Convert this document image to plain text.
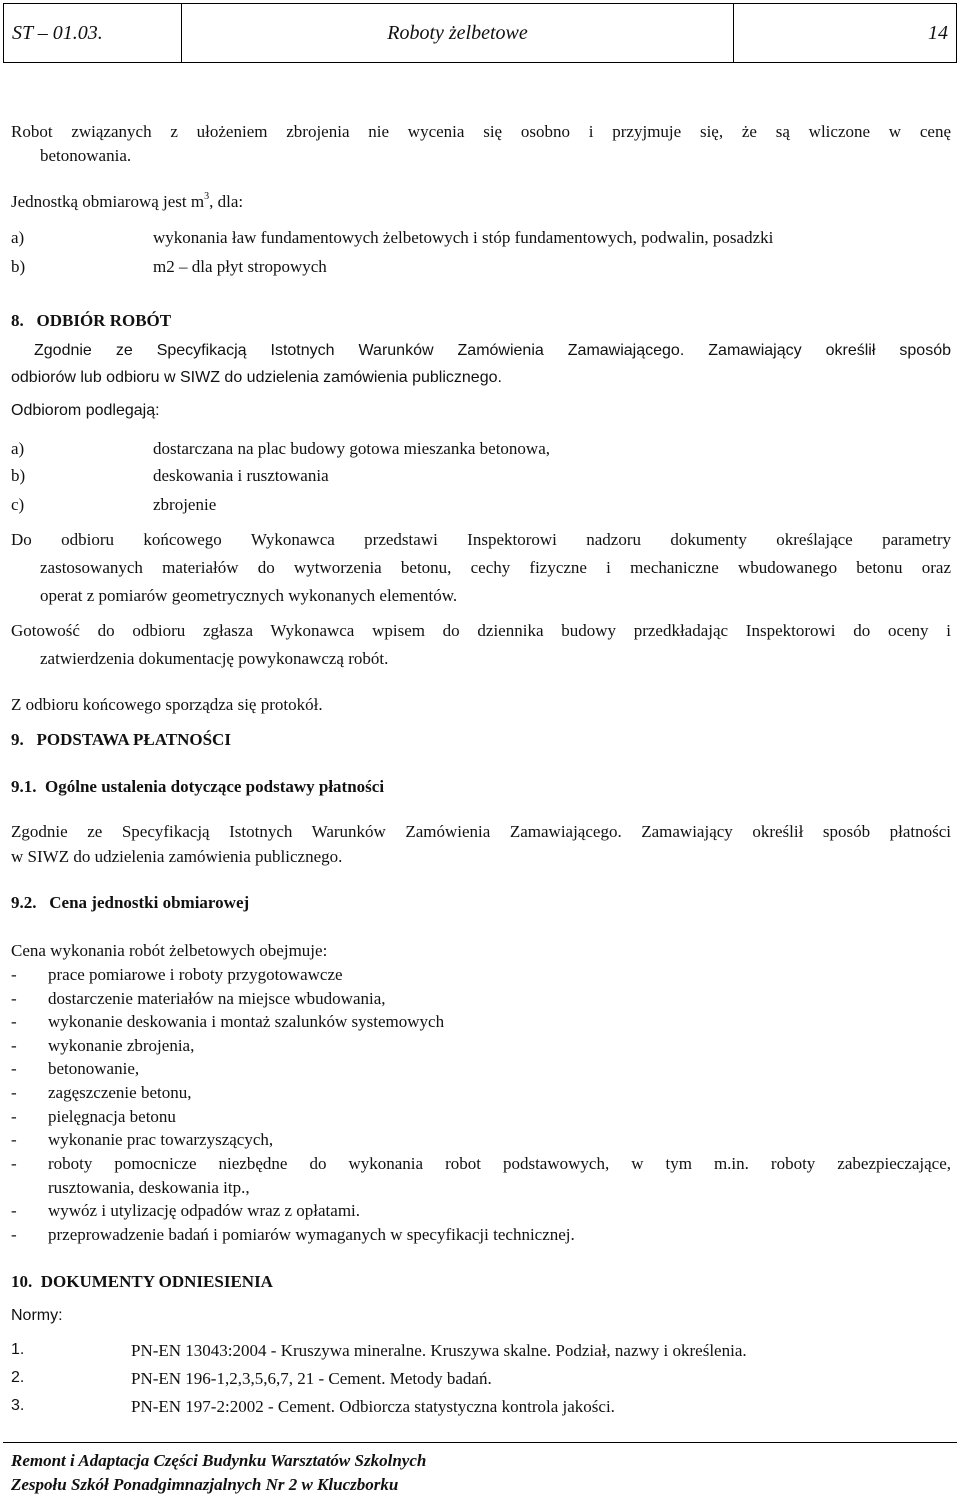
ST – 01.03.	Roboty żelbetowe	14
Robot związanych z ułożeniem zbrojenia nie wycenia się osobno i przyjmuje się, że są wliczone w cenę
betonowania.
Jednostką obmiarową jest $m^3$, dla:
a)	wykonania ław fundamentowych żelbetowych i stóp fundamentowych, podwalin, posadzki
b)	m2 – dla płyt stropowych
8.   ODBIÓR ROBÓT
Zgodnie ze Specyfikacją Istotnych Warunków Zamówienia Zamawiającego. Zamawiający określił sposób
odbiorów lub odbioru w SIWZ do udzielenia zamówienia publicznego.
Odbiorom podlegają:
a)	dostarczana na plac budowy gotowa mieszanka betonowa,
b)	deskowania i rusztowania
c)	zbrojenie
Do odbioru końcowego Wykonawca przedstawi Inspektorowi nadzoru dokumenty określające parametry
zastosowanych materiałów do wytworzenia betonu, cechy fizyczne i mechaniczne wbudowanego betonu oraz
operat z pomiarów geometrycznych wykonanych elementów.
Gotowość do odbioru zgłasza Wykonawca wpisem do dziennika budowy przedkładając Inspektorowi do oceny i
zatwierdzenia dokumentację powykonawczą robót.
Z odbioru końcowego sporządza się protokół.
9.   PODSTAWA PŁATNOŚCI
9.1.  Ogólne ustalenia dotyczące podstawy płatności
Zgodnie ze Specyfikacją Istotnych Warunków Zamówienia Zamawiającego. Zamawiający określił sposób płatności
w SIWZ do udzielenia zamówienia publicznego.
9.2.   Cena jednostki obmiarowej
Cena wykonania robót żelbetowych obejmuje:
- prace pomiarowe i roboty przygotowawcze
- dostarczenie materiałów na miejsce wbudowania,
- wykonanie deskowania i montaż szalunków systemowych
- wykonanie zbrojenia,
- betonowanie,
- zagęszczenie betonu,
- pielęgnacja betonu
- wykonanie prac towarzyszących,
- roboty pomocnicze niezbędne do wykonania robot podstawowych, w tym m.in. roboty zabezpieczające,
rusztowania, deskowania itp.,
- wywóz i utylizację odpadów wraz z opłatami.
- przeprowadzenie badań i pomiarów wymaganych w specyfikacji technicznej.
10.  DOKUMENTY ODNIESIENIA
Normy:
1.	PN-EN 13043:2004 - Kruszywa mineralne. Kruszywa skalne. Podział, nazwy i określenia.
2.	PN-EN 196-1,2,3,5,6,7, 21 - Cement. Metody badań.
3.	PN-EN 197-2:2002 - Cement. Odbiorcza statystyczna kontrola jakości.
Remont i Adaptacja Części Budynku Warsztatów Szkolnych
Zespołu Szkół Ponadgimnazjalnych Nr 2 w Kluczborku
